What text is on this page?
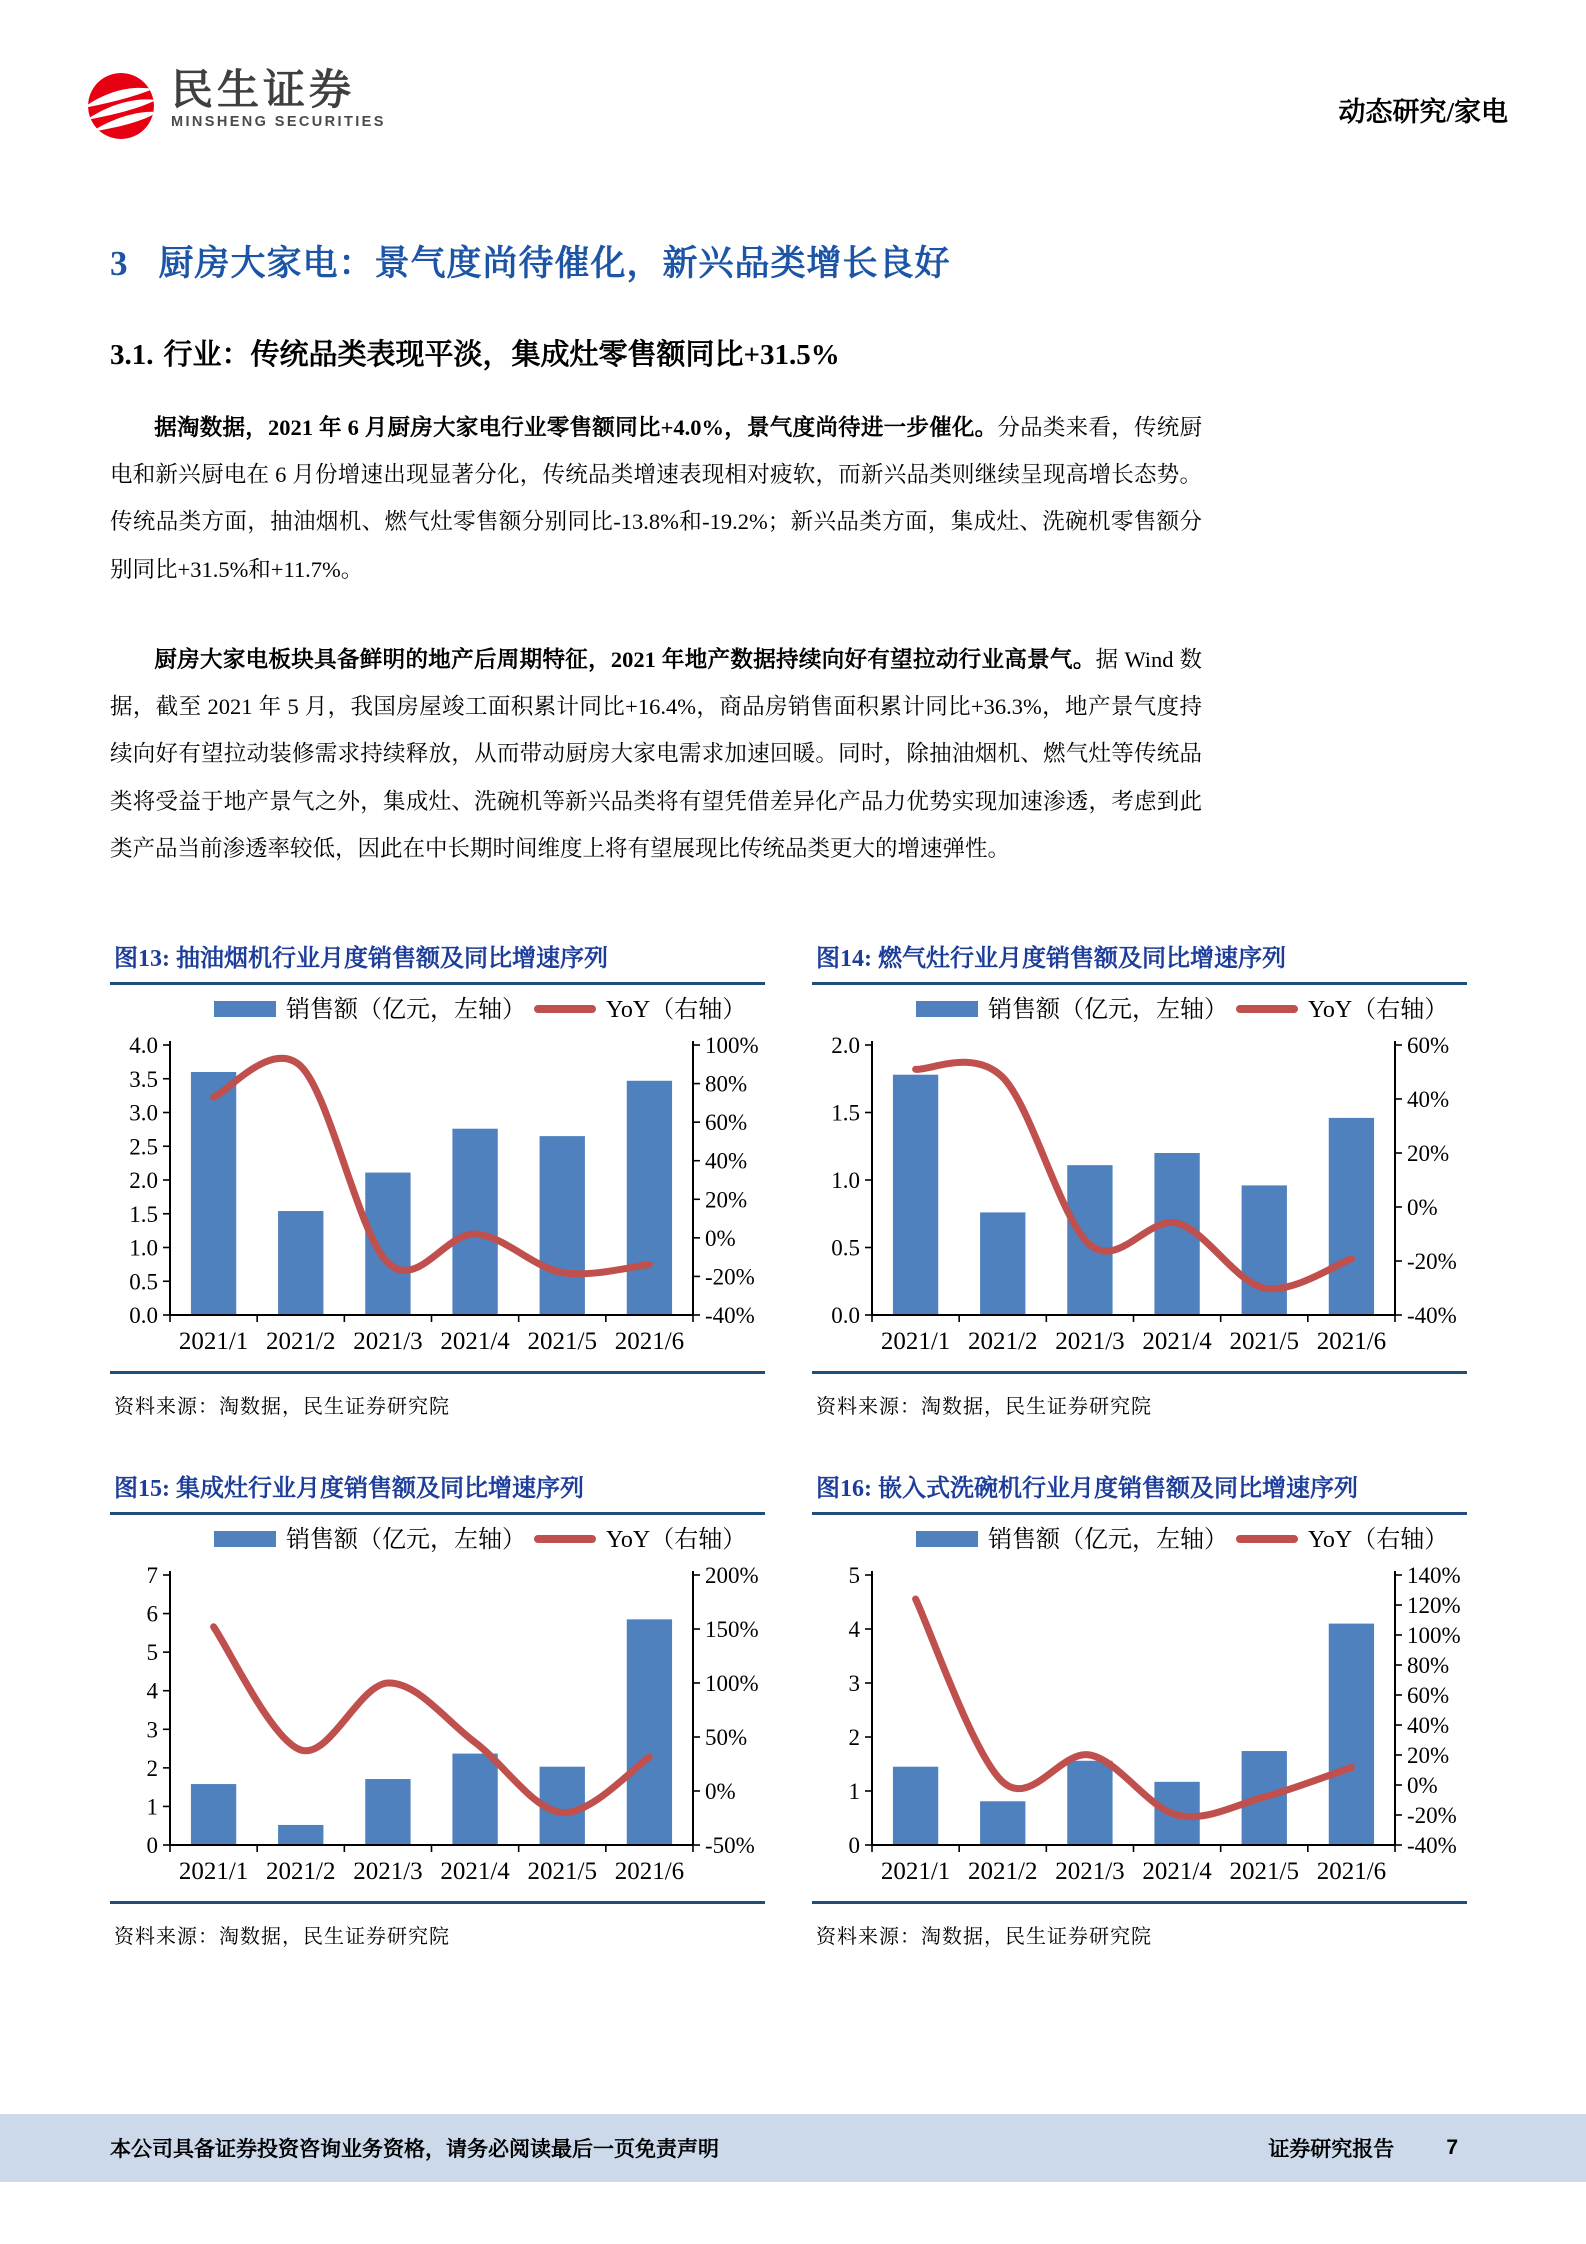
民生证券
MINSHENG SECURITIES	动态研究/家电
3 厨房大家电：景气度尚待催化，新兴品类增长良好
3.1. 行业：传统品类表现平淡，集成灶零售额同比+31.5%
据淘数据，2021 年 6 月厨房大家电行业零售额同比+4.0%，景气度尚待进一步催化。分品类来看，传统厨电和新兴厨电在 6 月份增速出现显著分化，传统品类增速表现相对疲软，而新兴品类则继续呈现高增长态势。传统品类方面，抽油烟机、燃气灶零售额分别同比-13.8%和-19.2%；新兴品类方面，集成灶、洗碗机零售额分别同比+31.5%和+11.7%。
厨房大家电板块具备鲜明的地产后周期特征，2021 年地产数据持续向好有望拉动行业高景气。据 Wind 数据，截至 2021 年 5 月，我国房屋竣工面积累计同比+16.4%，商品房销售面积累计同比+36.3%，地产景气度持续向好有望拉动装修需求持续释放，从而带动厨房大家电需求加速回暖。同时，除抽油烟机、燃气灶等传统品类将受益于地产景气之外，集成灶、洗碗机等新兴品类将有望凭借差异化产品力优势实现加速渗透，考虑到此类产品当前渗透率较低，因此在中长期时间维度上将有望展现比传统品类更大的增速弹性。
图13: 抽油烟机行业月度销售额及同比增速序列
销售额（亿元，左轴）	YoY（右轴）
0.0
0.5
1.0
1.5
2.0
2.5
3.0
3.5
4.0
-40%
-20%
0%
20%
40%
60%
80%
100%
2021/1 2021/2 2021/3 2021/4 2021/5 2021/6
资料来源：淘数据，民生证券研究院
图14: 燃气灶行业月度销售额及同比增速序列
销售额（亿元，左轴）	YoY（右轴）
0.0
0.5
1.0
1.5
2.0
-40%
-20%
0%
20%
40%
60%
2021/1 2021/2 2021/3 2021/4 2021/5 2021/6
资料来源：淘数据，民生证券研究院
图15: 集成灶行业月度销售额及同比增速序列
销售额（亿元，左轴）	YoY（右轴）
0
1
2
3
4
5
6
7
-50%
0%
50%
100%
150%
200%
2021/1 2021/2 2021/3 2021/4 2021/5 2021/6
资料来源：淘数据，民生证券研究院
图16: 嵌入式洗碗机行业月度销售额及同比增速序列
销售额（亿元，左轴）	YoY（右轴）
0
1
2
3
4
5
-40%
-20%
0%
20%
40%
60%
80%
100%
120%
140%
2021/1 2021/2 2021/3 2021/4 2021/5 2021/6
资料来源：淘数据，民生证券研究院
本公司具备证券投资咨询业务资格，请务必阅读最后一页免责声明	证券研究报告 7
